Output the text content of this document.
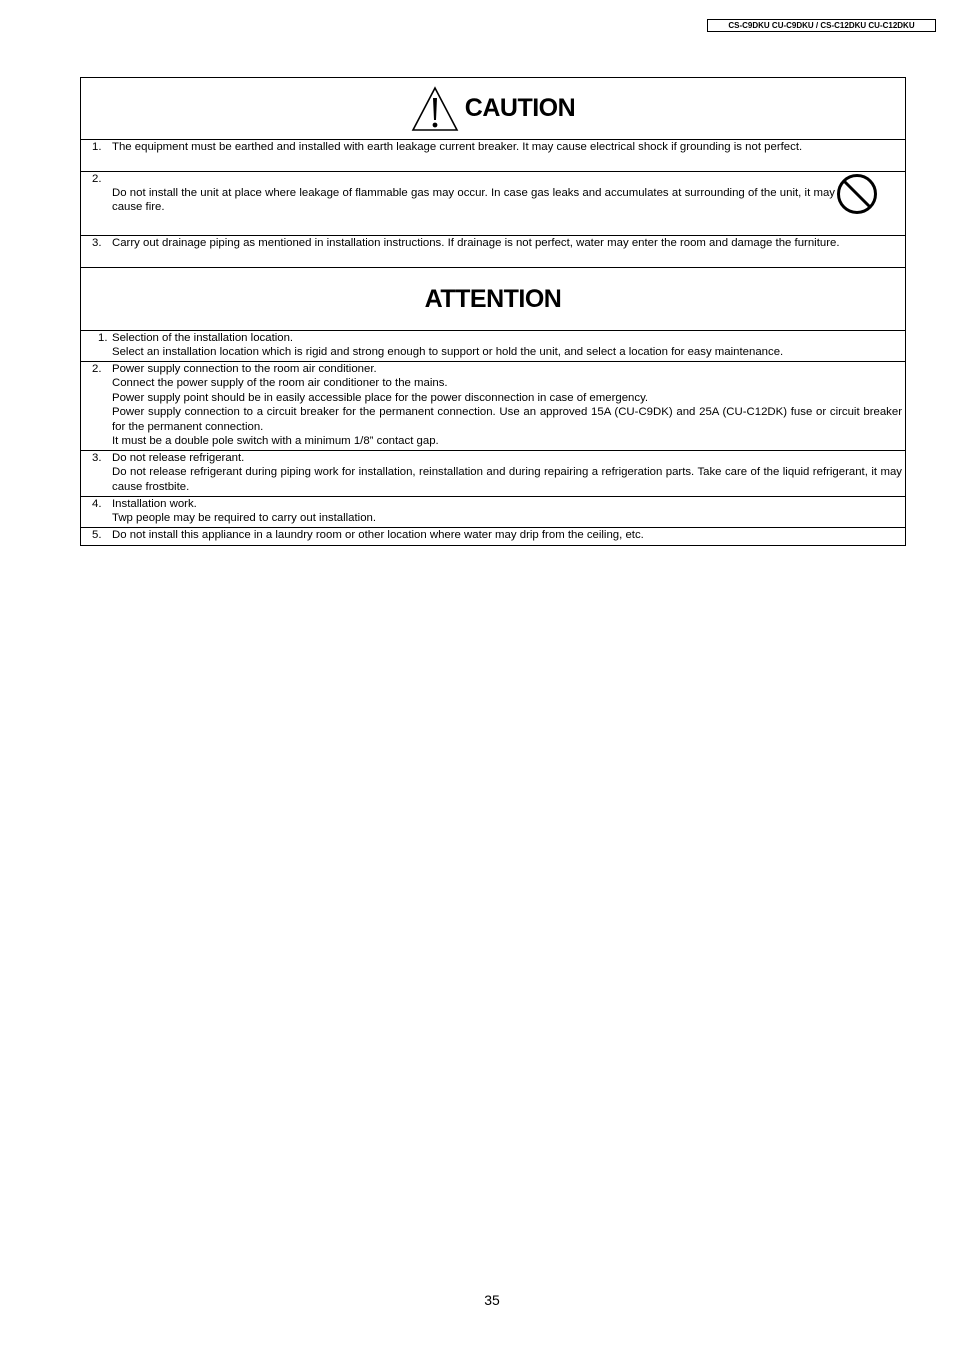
CS-C9DKU CU-C9DKU / CS-C12DKU CU-C12DKU
CAUTION
1. The equipment must be earthed and installed with earth leakage current breaker. It may cause electrical shock if grounding is not perfect.
2.
Do not install the unit at place where leakage of flammable gas may occur. In case gas leaks and accumulates at surrounding of the unit, it may cause fire.
3. Carry out drainage piping as mentioned in installation instructions. If drainage is not perfect, water may enter the room and damage the furniture.
ATTENTION
1. Selection of the installation location.
Select an installation location which is rigid and strong enough to support or hold the unit, and select a location for easy maintenance.
2. Power supply connection to the room air conditioner.
Connect the power supply of the room air conditioner to the mains.
Power supply point should be in easily accessible place for the power disconnection in case of emergency.
Power supply connection to a circuit breaker for the permanent connection. Use an approved 15A (CU-C9DK) and 25A (CU-C12DK) fuse or circuit breaker for the permanent connection.
It must be a double pole switch with a minimum 1/8” contact gap.
3. Do not release refrigerant.
Do not release refrigerant during piping work for installation, reinstallation and during repairing a refrigeration parts. Take care of the liquid refrigerant, it may cause frostbite.
4. Installation work.
Twp people may be required to carry out installation.
5. Do not install this appliance in a laundry room or other location where water may drip from the ceiling, etc.
35
